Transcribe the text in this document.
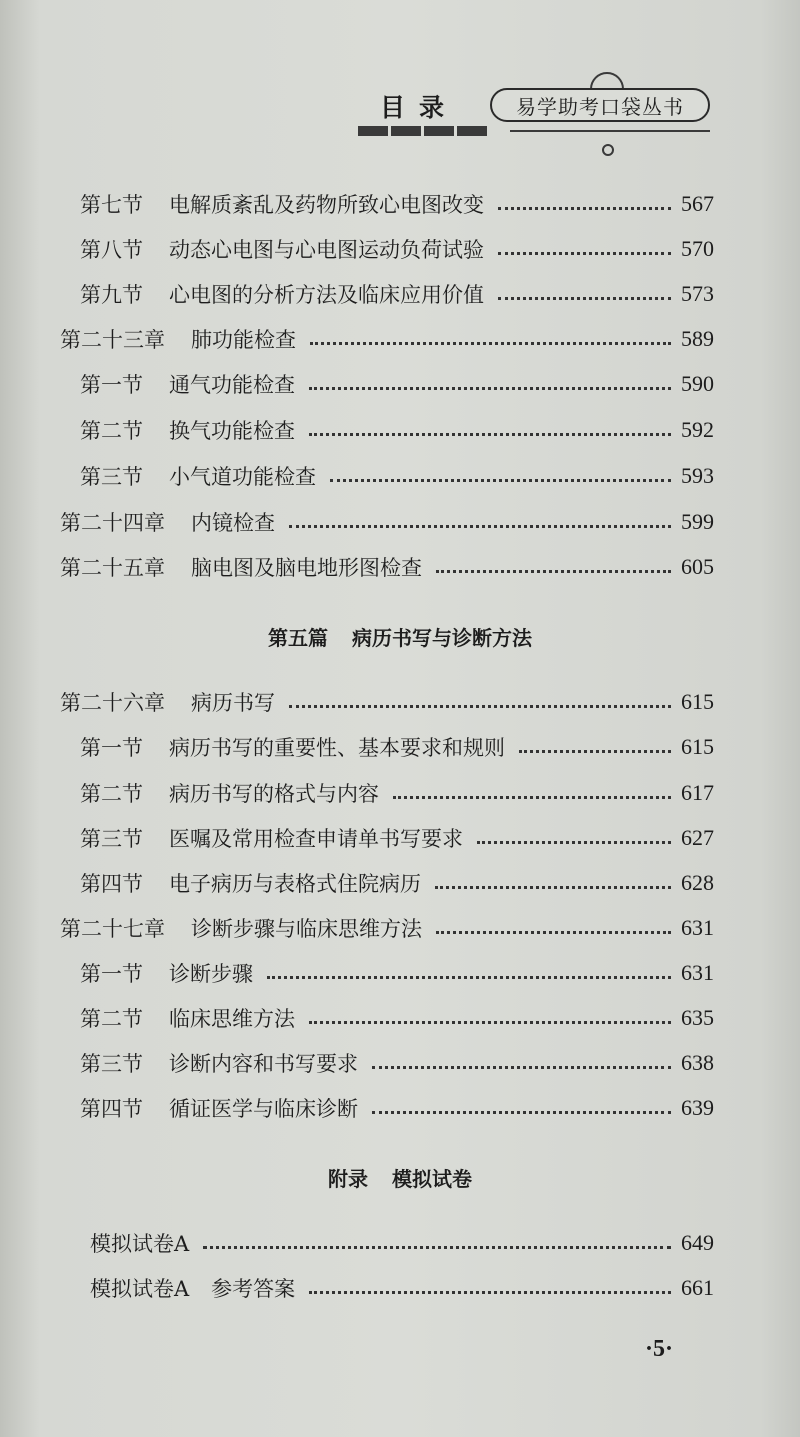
目录	易学助考口袋丛书
第七节 电解质紊乱及药物所致心电图改变	567
第八节 动态心电图与心电图运动负荷试验	570
第九节 心电图的分析方法及临床应用价值	573
第二十三章 肺功能检查	589
第一节 通气功能检查	590
第二节 换气功能检查	592
第三节 小气道功能检查	593
第二十四章 内镜检查	599
第二十五章 脑电图及脑电地形图检查	605
第五篇 病历书写与诊断方法
第二十六章 病历书写	615
第一节 病历书写的重要性、基本要求和规则	615
第二节 病历书写的格式与内容	617
第三节 医嘱及常用检查申请单书写要求	627
第四节 电子病历与表格式住院病历	628
第二十七章 诊断步骤与临床思维方法	631
第一节 诊断步骤	631
第二节 临床思维方法	635
第三节 诊断内容和书写要求	638
第四节 循证医学与临床诊断	639
附录 模拟试卷
模拟试卷A	649
模拟试卷A 参考答案	661
·5·
